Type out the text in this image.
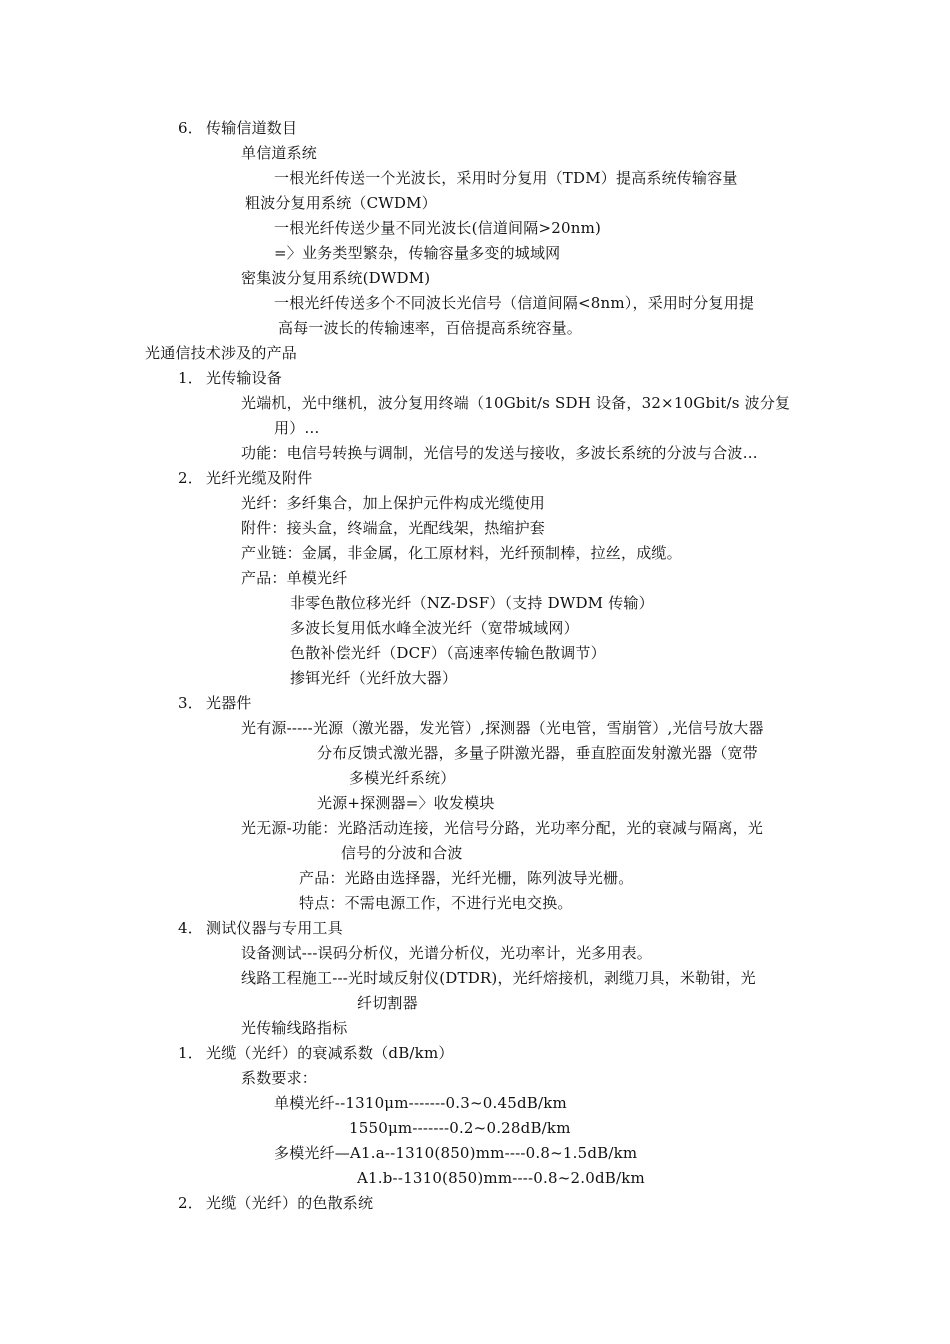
6． 传输信道数目
单信道系统
一根光纤传送一个光波长，采用时分复用（TDM）提高系统传输容量
粗波分复用系统（CWDM）
一根光纤传送少量不同光波长(信道间隔>20nm)
=〉业务类型繁杂，传输容量多变的城域网
密集波分复用系统(DWDM)
一根光纤传送多个不同波长光信号（信道间隔<8nm），采用时分复用提
高每一波长的传输速率，百倍提高系统容量。
光通信技术涉及的产品
1． 光传输设备
光端机，光中继机，波分复用终端（10Gbit/s SDH 设备，32×10Gbit/s 波分复
用）…
功能：电信号转换与调制，光信号的发送与接收，多波长系统的分波与合波…
2． 光纤光缆及附件
光纤：多纤集合，加上保护元件构成光缆使用
附件：接头盒，终端盒，光配线架，热缩护套
产业链：金属，非金属，化工原材料，光纤预制棒，拉丝，成缆。
产品：单模光纤
非零色散位移光纤（NZ-DSF）（支持 DWDM 传输）
多波长复用低水峰全波光纤（宽带城域网）
色散补偿光纤（DCF）（高速率传输色散调节）
掺铒光纤（光纤放大器）
3． 光器件
光有源-----光源（激光器，发光管）,探测器（光电管，雪崩管）,光信号放大器
分布反馈式激光器，多量子阱激光器，垂直腔面发射激光器（宽带
多模光纤系统）
光源+探测器=〉收发模块
光无源-功能：光路活动连接，光信号分路，光功率分配，光的衰减与隔离，光
信号的分波和合波
产品：光路由选择器，光纤光栅，陈列波导光栅。
特点：不需电源工作，不进行光电交换。
4． 测试仪器与专用工具
设备测试---误码分析仪，光谱分析仪，光功率计，光多用表。
线路工程施工---光时域反射仪(DTDR)，光纤熔接机，剥缆刀具，米勒钳，光
纤切割器
光传输线路指标
1． 光缆（光纤）的衰减系数（dB/km）
系数要求：
单模光纤--1310μm-------0.3~0.45dB/km
1550μm-------0.2~0.28dB/km
多模光纤—A1.a--1310(850)mm----0.8~1.5dB/km
A1.b--1310(850)mm----0.8~2.0dB/km
2． 光缆（光纤）的色散系统
